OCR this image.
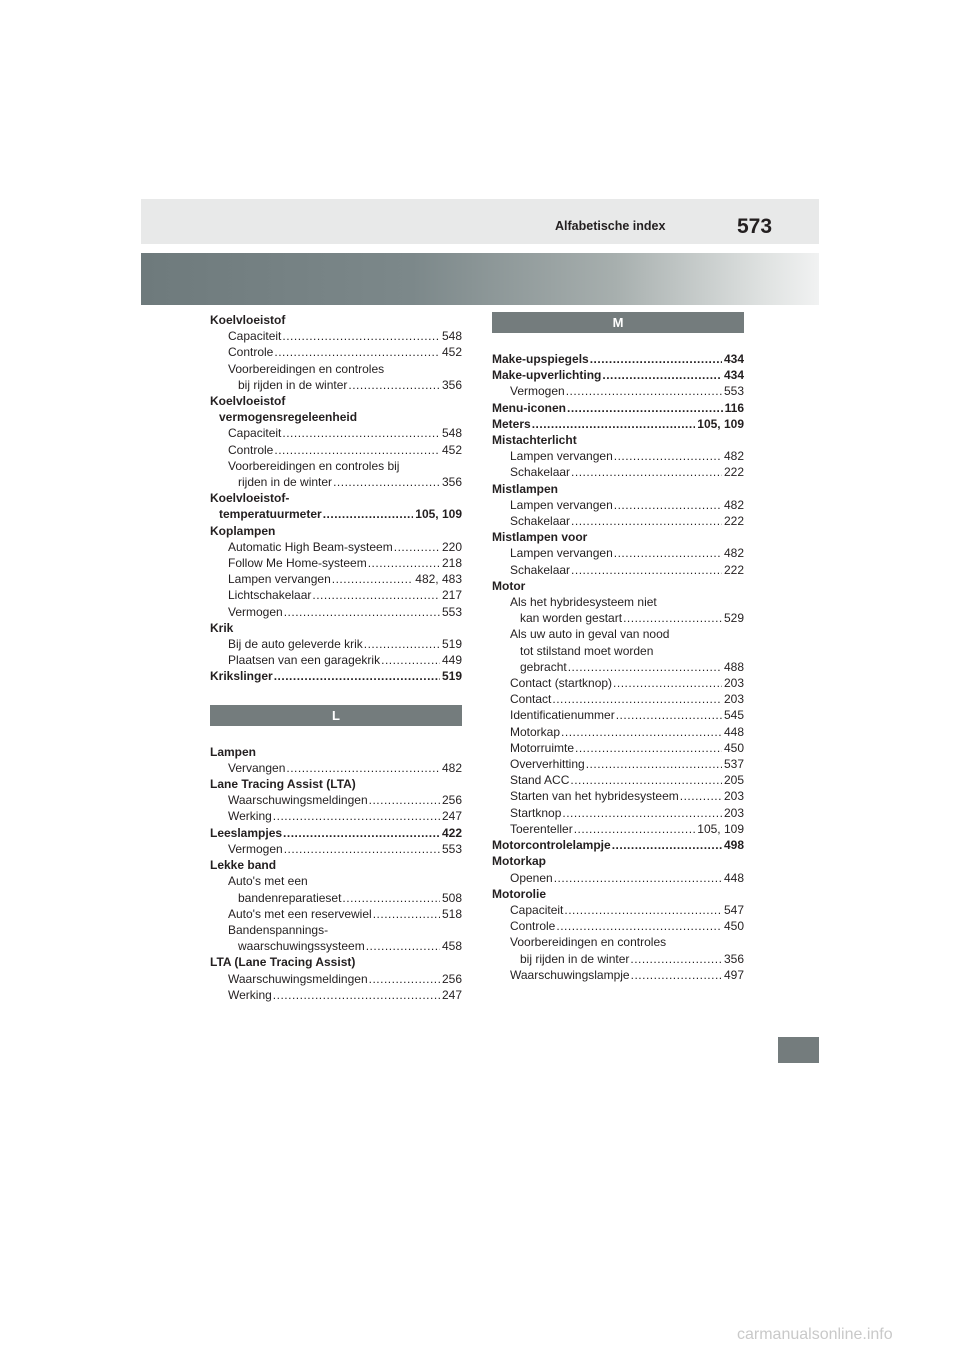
Alfabetische index	573
Koelvloeistof
Capaciteit .....	548
Controle .....	452
Voorbereidingen en controles
bij rijden in de winter .....	356
Koelvloeistof
vermogensregeleenheid
Capaciteit .....	548
Controle .....	452
Voorbereidingen en controles bij
rijden in de winter .....	356
Koelvloeistof-
temperatuurmeter .....	105, 109
Koplampen
Automatic High Beam-systeem .....	220
Follow Me Home-systeem .....	218
Lampen vervangen .....	482, 483
Lichtschakelaar .....	217
Vermogen .....	553
Krik
Bij de auto geleverde krik .....	519
Plaatsen van een garagekrik .....	449
Krikslinger .....	519
L
Lampen
Vervangen .....	482
Lane Tracing Assist (LTA)
Waarschuwingsmeldingen .....	256
Werking .....	247
Leeslampjes .....	422
Vermogen .....	553
Lekke band
Auto's met een
bandenreparatieset .....	508
Auto's met een reservewiel .....	518
Bandenspannings-
waarschuwingssysteem .....	458
LTA (Lane Tracing Assist)
Waarschuwingsmeldingen .....	256
Werking .....	247
M
Make-upspiegels .....	434
Make-upverlichting .....	434
Vermogen .....	553
Menu-iconen .....	116
Meters .....	105, 109
Mistachterlicht
Lampen vervangen .....	482
Schakelaar .....	222
Mistlampen
Lampen vervangen .....	482
Schakelaar .....	222
Mistlampen voor
Lampen vervangen .....	482
Schakelaar .....	222
Motor
Als het hybridesysteem niet
kan worden gestart .....	529
Als uw auto in geval van nood
tot stilstand moet worden
gebracht .....	488
Contact (startknop) .....	203
Contact .....	203
Identificatienummer .....	545
Motorkap .....	448
Motorruimte .....	450
Oververhitting .....	537
Stand ACC .....	205
Starten van het hybridesysteem .....	203
Startknop .....	203
Toerenteller .....	105, 109
Motorcontrolelampje .....	498
Motorkap
Openen .....	448
Motorolie
Capaciteit .....	547
Controle .....	450
Voorbereidingen en controles
bij rijden in de winter .....	356
Waarschuwingslampje .....	497
carmanualsonline.info
